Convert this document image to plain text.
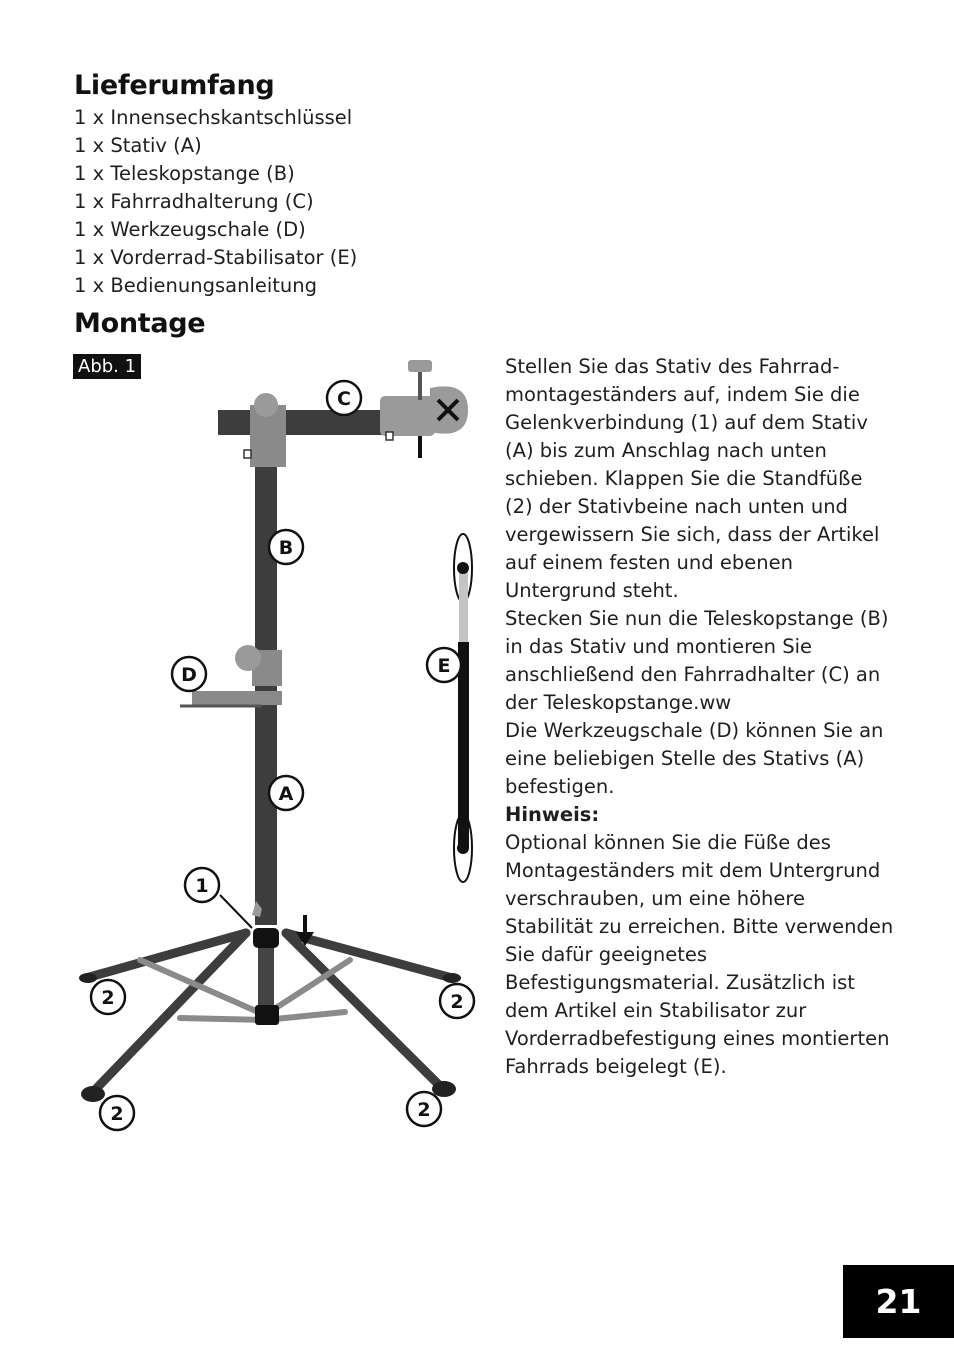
Lieferumfang
1 x Innensechskantschlüssel
1 x Stativ (A)
1 x Teleskopstange (B)
1 x Fahrradhalterung (C)
1 x Werkzeugschale (D)
1 x Vorderrad-Stabilisator (E)
1 x Bedienungsanleitung
Montage
Abb. 1
C
B
D	E
A
1
2	2
2	2

Stellen Sie das Stativ des Fahrrad-montageständers auf, indem Sie die Gelenkverbindung (1) auf dem Stativ (A) bis zum Anschlag nach unten schieben. Klappen Sie die Standfüße (2) der Stativbeine nach unten und vergewissern Sie sich, dass der Artikel auf einem festen und ebenen Untergrund steht.

Stecken Sie nun die Teleskopstange (B) in das Stativ und montieren Sie anschließend den Fahrradhalter (C) an der Teleskopstange.ww

Die Werkzeugschale (D) können Sie an eine beliebigen Stelle des Stativs (A) befestigen.

Hinweis:

Optional können Sie die Füße des Montageständers mit dem Untergrund verschrauben, um eine höhere Stabilität zu erreichen. Bitte verwenden Sie dafür geeignetes Befestigungsmaterial. Zusätzlich ist dem Artikel ein Stabilisator zur Vorderradbefestigung eines montierten Fahrrads beigelegt (E).

21
